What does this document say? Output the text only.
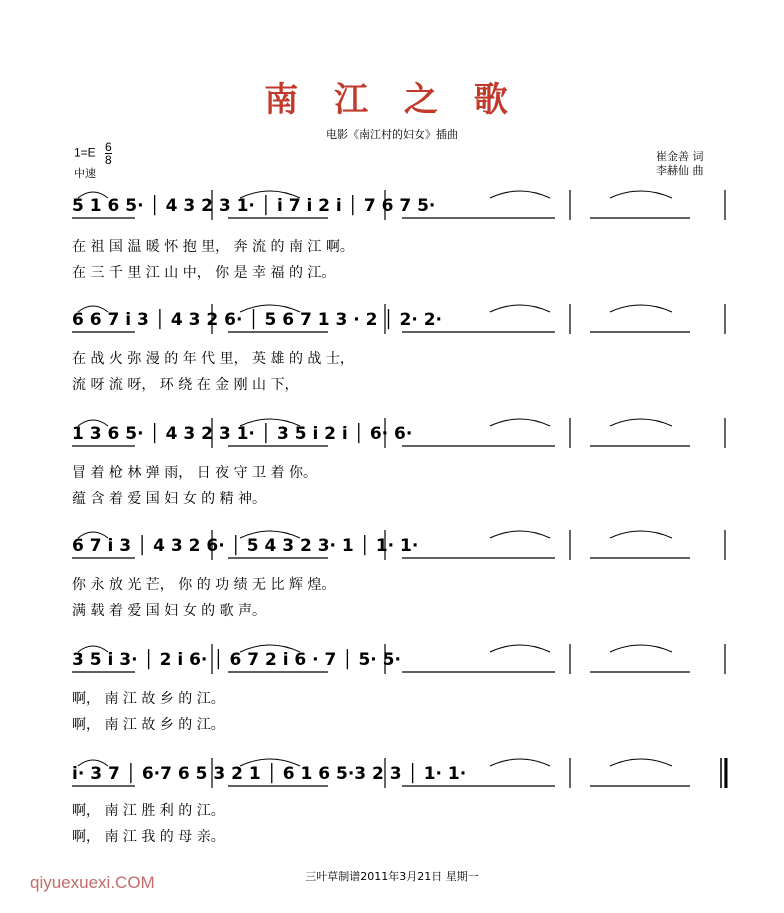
南 江 之 歌
电影《南江村的妇女》插曲
$1=E \frac{6}{8}$
中速
崔金善 词
李赫仙 曲
5 1 6 5· │ 4 3 2 3 1· │ i 7 i 2 i │ 7 6 7 5·
在 祖 国 温 暖 怀 抱 里， 奔 流 的 南 江 啊。
在 三 千 里 江 山 中， 你 是 幸 福 的 江。
6 6 7 i 3 │ 4 3 2 6· │ 5 6 7 1 3 · 2 │ 2· 2·
在 战 火 弥 漫 的 年 代 里， 英 雄 的 战 士，
流 呀 流 呀， 环 绕 在 金 刚 山 下，
1 3 6 5· │ 4 3 2 3 1· │ 3 5 i 2 i │ 6· 6·
冒 着 枪 林 弹 雨， 日 夜 守 卫 着 你。
蕴 含 着 爱 国 妇 女 的 精 神。
6 7 i 3 │ 4 3 2 6· │ 5 4 3 2 3· 1 │ 1· 1·
你 永 放 光 芒， 你 的 功 绩 无 比 辉 煌。
满 载 着 爱 国 妇 女 的 歌 声。
3 5 i 3· │ 2 i 6· │ 6 7 2 i 6 · 7 │ 5· 5·
啊， 南 江 故 乡 的 江。
啊， 南 江 故 乡 的 江。
i· 3 7 │ 6·7 6 5 3 2 1 │ 6 1 6 5·3 2 3 │ 1· 1·
啊， 南 江 胜 利 的 江。
啊， 南 江 我 的 母 亲。
三叶草制谱2011年3月21日 星期一
qiyuexuexi.COM
